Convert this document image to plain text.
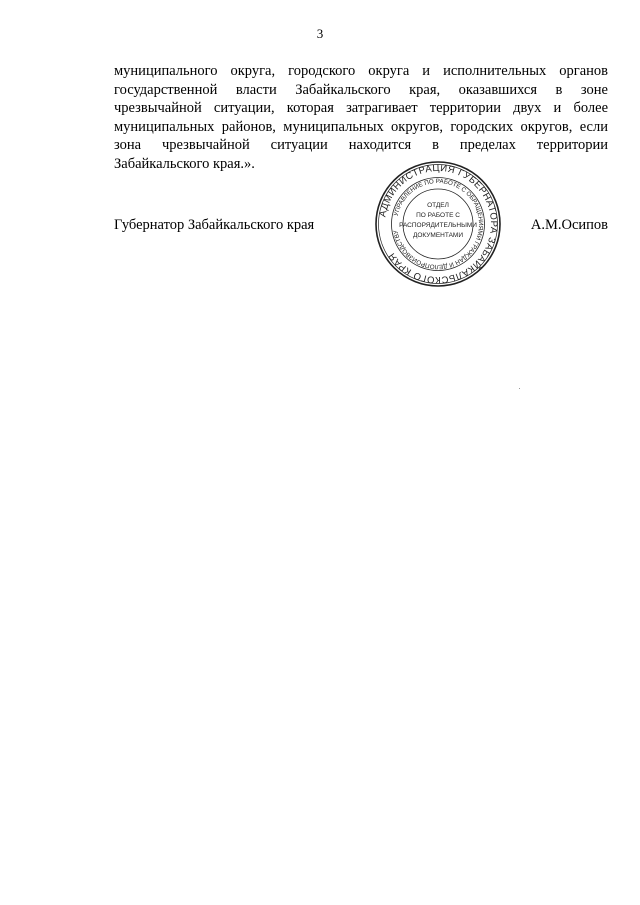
3
муниципального округа, городского округа и исполнительных органов
государственной власти Забайкальского края, оказавшихся в зоне
чрезвычайной ситуации, которая затрагивает территории двух и более
муниципальных районов, муниципальных округов, городских округов, если
зона чрезвычайной ситуации находится в пределах территории
Забайкальского края.».
Губернатор Забайкальского края	А.М.Осипов
АДМИНИСТРАЦИЯ ГУБЕРНАТОРА ЗАБАЙКАЛЬСКОГО КРАЯ
УПРАВЛЕНИЕ ПО РАБОТЕ С ОБРАЩЕНИЯМИ ГРАЖДАН И ДЕЛОПРОИЗВОДСТВУ
ОТДЕЛ
ПО РАБОТЕ С
РАСПОРЯДИТЕЛЬНЫМИ
ДОКУМЕНТАМИ
